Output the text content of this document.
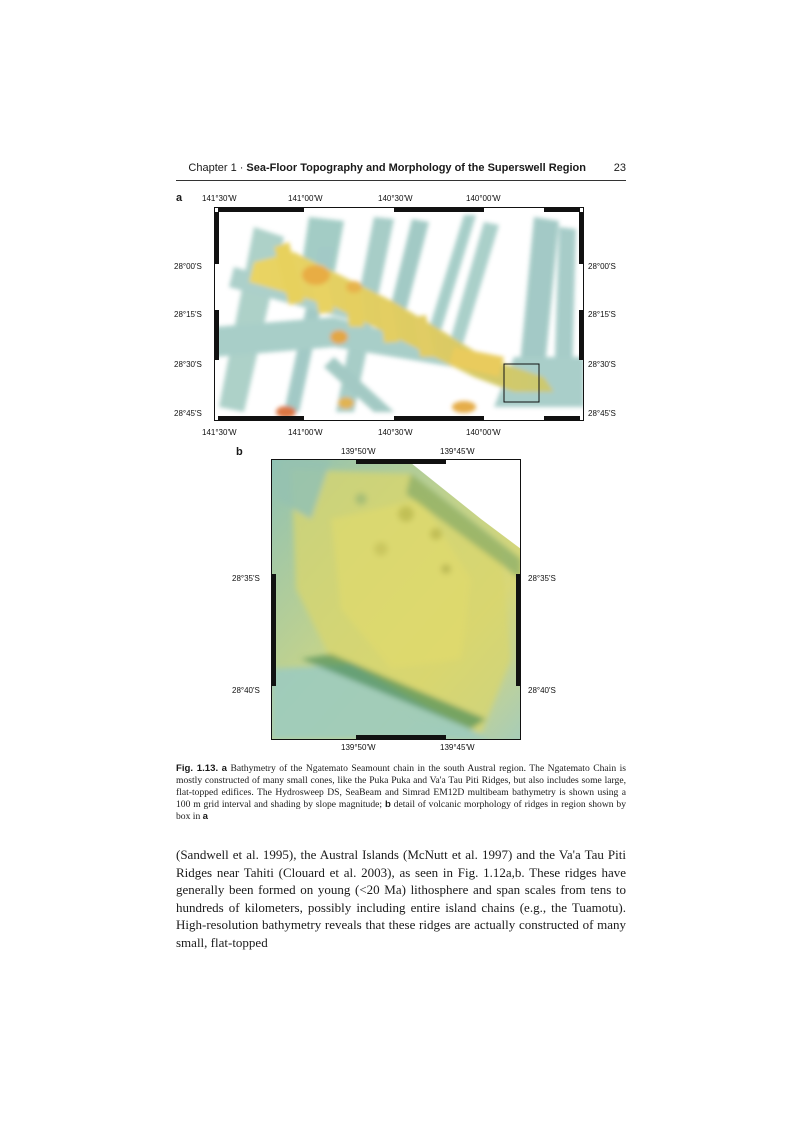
Chapter 1 · Sea-Floor Topography and Morphology of the Superswell Region	23
a 141°30'W	141°00'W	140°30'W	140°00'W
141°30'W	141°00'W	140°30'W	140°00'W
28°00'S
28°15'S
28°30'S
28°45'S
28°00'S
28°15'S
28°30'S
28°45'S
b	139°50'W	139°45'W
139°50'W	139°45'W
28°35'S
28°40'S
28°35'S
28°40'S
Fig. 1.13. a Bathymetry of the Ngatemato Seamount chain in the south Austral region. The Ngatemato Chain is mostly constructed of many small cones, like the Puka Puka and Va'a Tau Piti Ridges, but also includes some large, flat-topped edifices. The Hydrosweep DS, SeaBeam and Simrad EM12D multibeam bathymetry is shown using a 100 m grid interval and shading by slope magnitude; b detail of volcanic morphology of ridges in region shown by box in a
(Sandwell et al. 1995), the Austral Islands (McNutt et al. 1997) and the Va'a Tau Piti Ridges near Tahiti (Clouard et al. 2003), as seen in Fig. 1.12a,b. These ridges have generally been formed on young (<20 Ma) lithosphere and span scales from tens to hundreds of kilometers, possibly including entire island chains (e.g., the Tuamotu). High-resolution bathymetry reveals that these ridges are actually constructed of many small, flat-topped
